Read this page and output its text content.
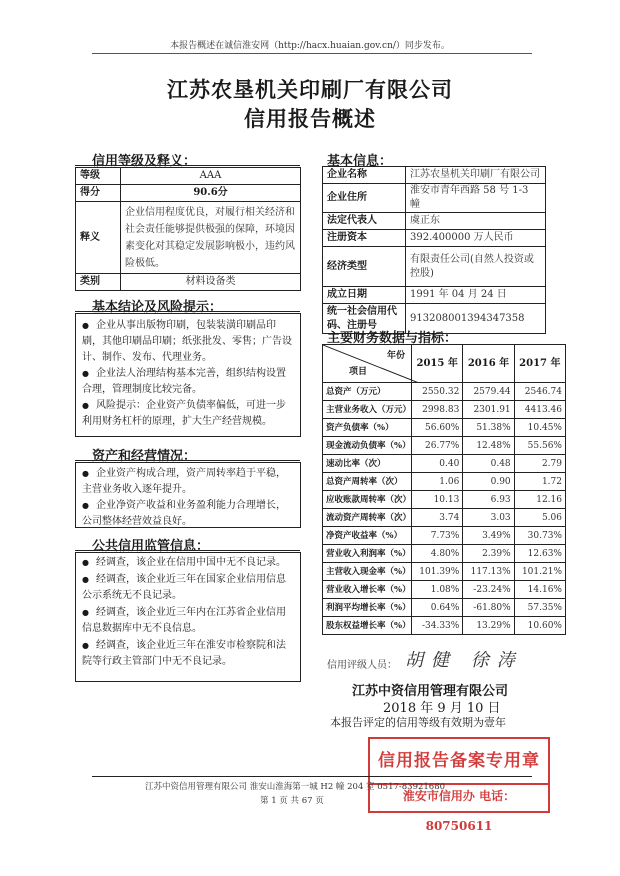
本报告概述在诚信淮安网（http://hacx.huaian.gov.cn/）同步发布。
江苏农垦机关印刷厂有限公司
信用报告概述
信用等级及释义：
等级	AAA
得分	90.6分
释义	企业信用程度优良，对履行相关经济和社会责任能够提供极强的保障，环境因素变化对其稳定发展影响极小，违约风险极低。
类别	材料设备类
基本结论及风险提示：

● 企业从事出版物印刷，包装装潢印刷品印刷，其他印刷品印刷；纸张批发、零售；广告设计、制作、发布、代理业务。

● 企业法人治理结构基本完善，组织结构设置合理，管理制度比较完备。

● 风险提示：企业资产负债率偏低，可进一步利用财务杠杆的原理，扩大生产经营规模。

资产和经营情况：

● 企业资产构成合理，资产周转率趋于平稳，主营业务收入逐年提升。

● 企业净资产收益和业务盈利能力合理增长，公司整体经营效益良好。

公共信用监管信息：

● 经调查，该企业在信用中国中无不良记录。

● 经调查，该企业近三年在国家企业信用信息公示系统无不良记录。

● 经调查，该企业近三年内在江苏省企业信用信息数据库中无不良信息。

● 经调查，该企业近三年在淮安市检察院和法院等行政主管部门中无不良记录。

基本信息：
企业名称	江苏农垦机关印刷厂有限公司
企业住所	淮安市青年西路 58 号 1-3 幢
法定代表人	虞正东
注册资本	392.400000 万人民币
经济类型	有限责任公司(自然人投资或控股)
成立日期	1991 年 04 月 24 日
统一社会信用代码、注册号	913208001394347358
主要财务数据与指标：
年份
项目	2015 年	2016 年	2017 年
总资产（万元）	2550.32	2579.44	2546.74
主营业务收入（万元）	2998.83	2301.91	4413.46
资产负债率（%）	56.60%	51.38%	10.45%
现金流动负债率（%）	26.77%	12.48%	55.56%
速动比率（次）	0.40	0.48	2.79
总资产周转率（次）	1.06	0.90	1.72
应收账款周转率（次）	10.13	6.93	12.16
流动资产周转率（次）	3.74	3.03	5.06
净资产收益率（%）	7.73%	3.49%	30.73%
营业收入利润率（%）	4.80%	2.39%	12.63%
主营收入现金率（%）	101.39%	117.13%	101.21%
营业收入增长率（%）	1.08%	-23.24%	14.16%
利润平均增长率（%）	0.64%	-61.80%	57.35%
股东权益增长率（%）	-34.33%	13.29%	10.60%
信用评级人员： 胡健 徐涛
江苏中资信用管理有限公司
2018 年 9 月 10 日
本报告评定的信用等级有效期为壹年
信用报告备案专用章
淮安市信用办 电话：80750611
江苏中资信用管理有限公司 淮安山淮海第一城 H2 幢 204 室 0517-83921680
第 1 页 共 67 页
